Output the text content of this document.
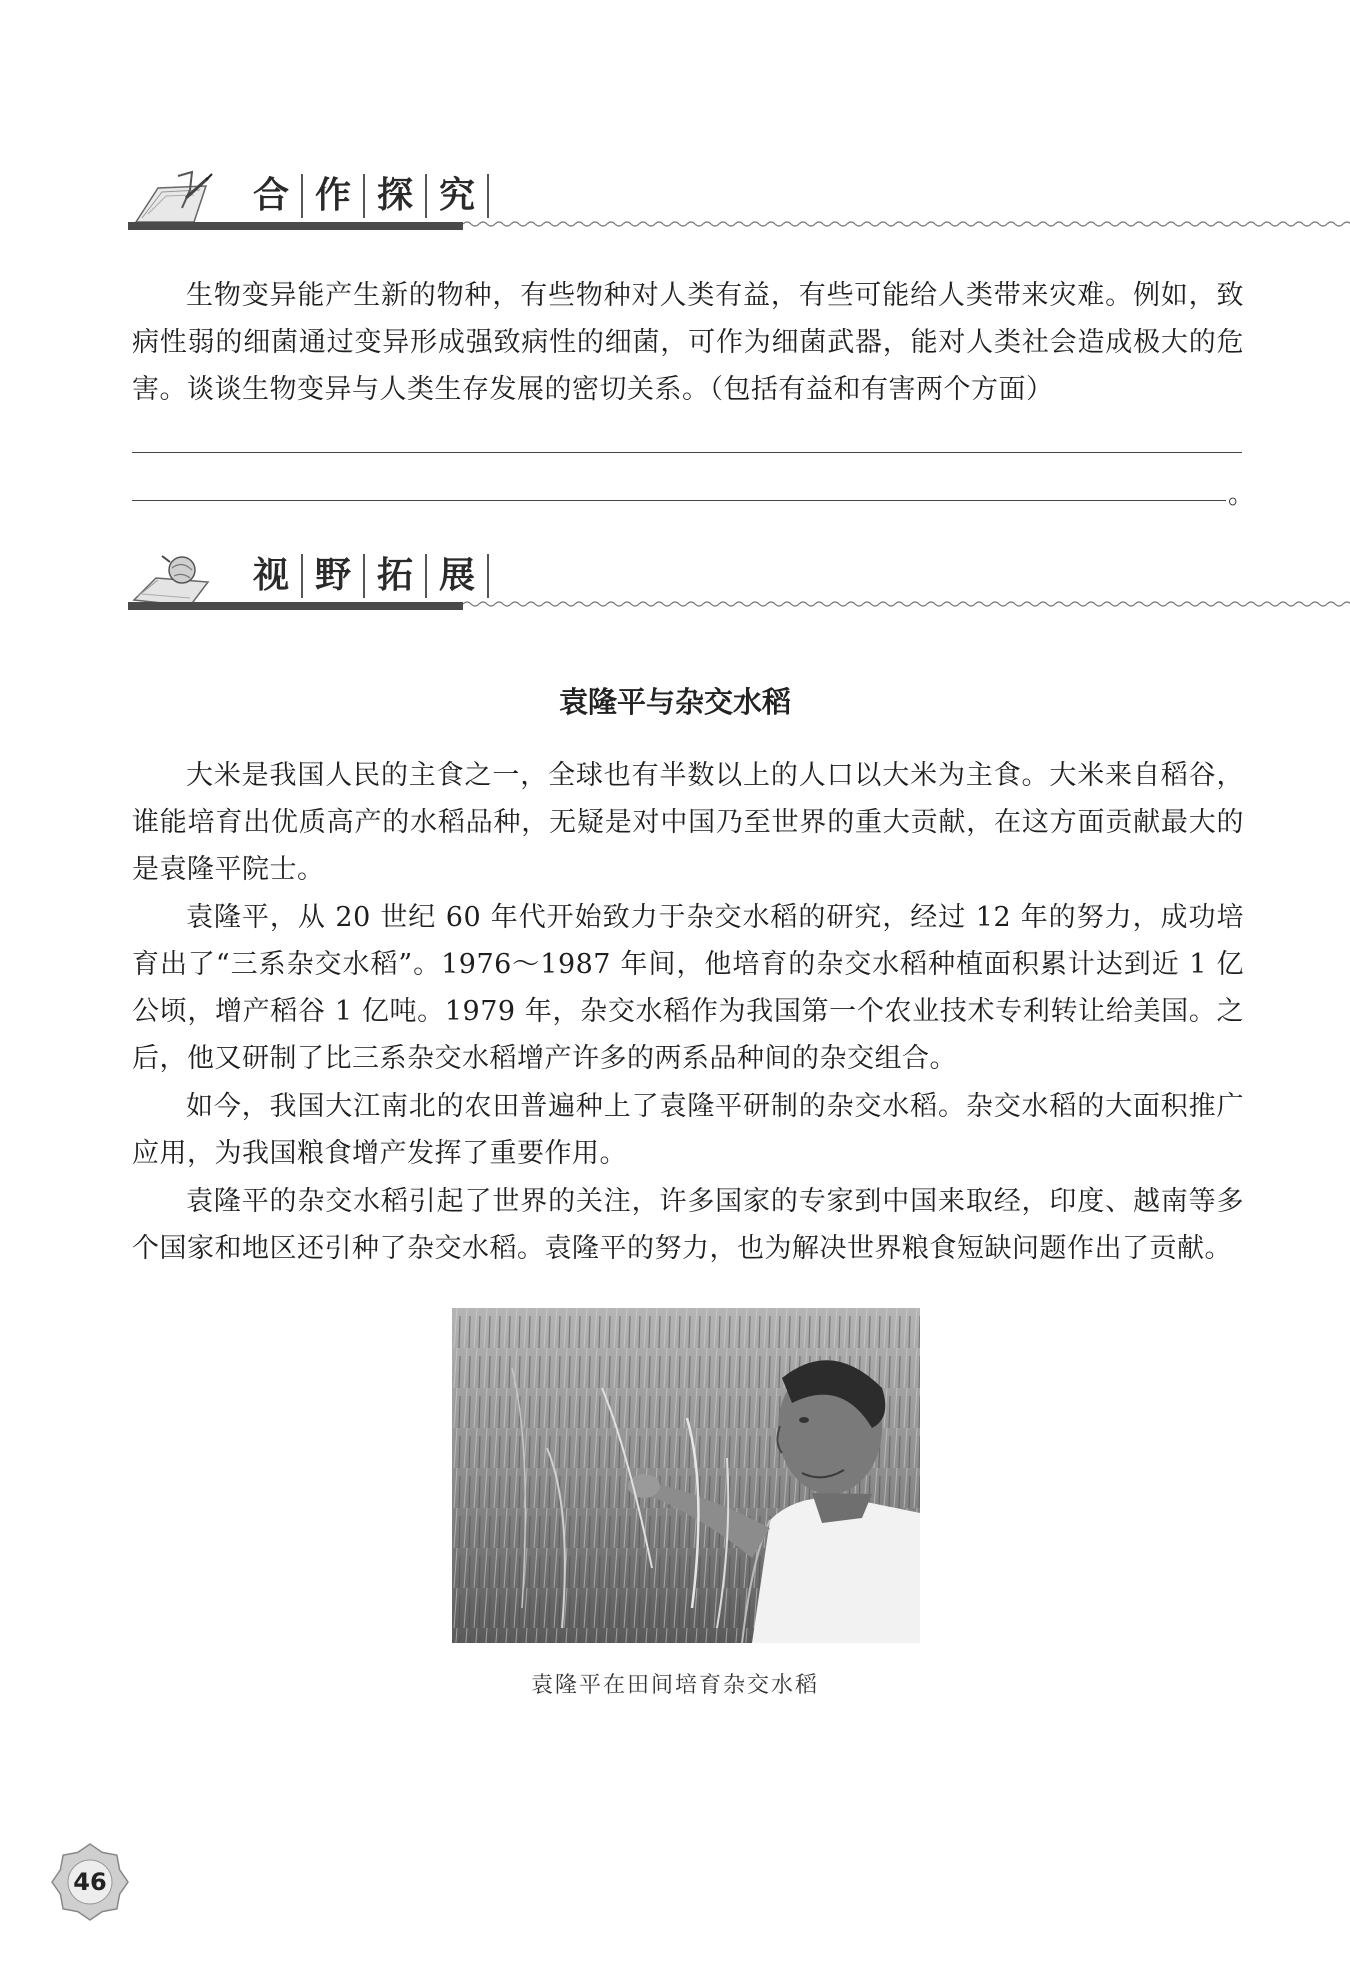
合 作 探 究

生物变异能产生新的物种，有些物种对人类有益，有些可能给人类带来灾难。例如，致病性弱的细菌通过变异形成强致病性的细菌，可作为细菌武器，能对人类社会造成极大的危害。谈谈生物变异与人类生存发展的密切关系。（包括有益和有害两个方面）

。
视 野 拓 展
袁隆平与杂交水稻

大米是我国人民的主食之一，全球也有半数以上的人口以大米为主食。大米来自稻谷，谁能培育出优质高产的水稻品种，无疑是对中国乃至世界的重大贡献，在这方面贡献最大的是袁隆平院士。

袁隆平，从 20 世纪 60 年代开始致力于杂交水稻的研究，经过 12 年的努力，成功培育出了“三系杂交水稻”。1976～1987 年间，他培育的杂交水稻种植面积累计达到近 1 亿公顷，增产稻谷 1 亿吨。1979 年，杂交水稻作为我国第一个农业技术专利转让给美国。之后，他又研制了比三系杂交水稻增产许多的两系品种间的杂交组合。

如今，我国大江南北的农田普遍种上了袁隆平研制的杂交水稻。杂交水稻的大面积推广应用，为我国粮食增产发挥了重要作用。

袁隆平的杂交水稻引起了世界的关注，许多国家的专家到中国来取经，印度、越南等多个国家和地区还引种了杂交水稻。袁隆平的努力，也为解决世界粮食短缺问题作出了贡献。

袁隆平在田间培育杂交水稻
46
